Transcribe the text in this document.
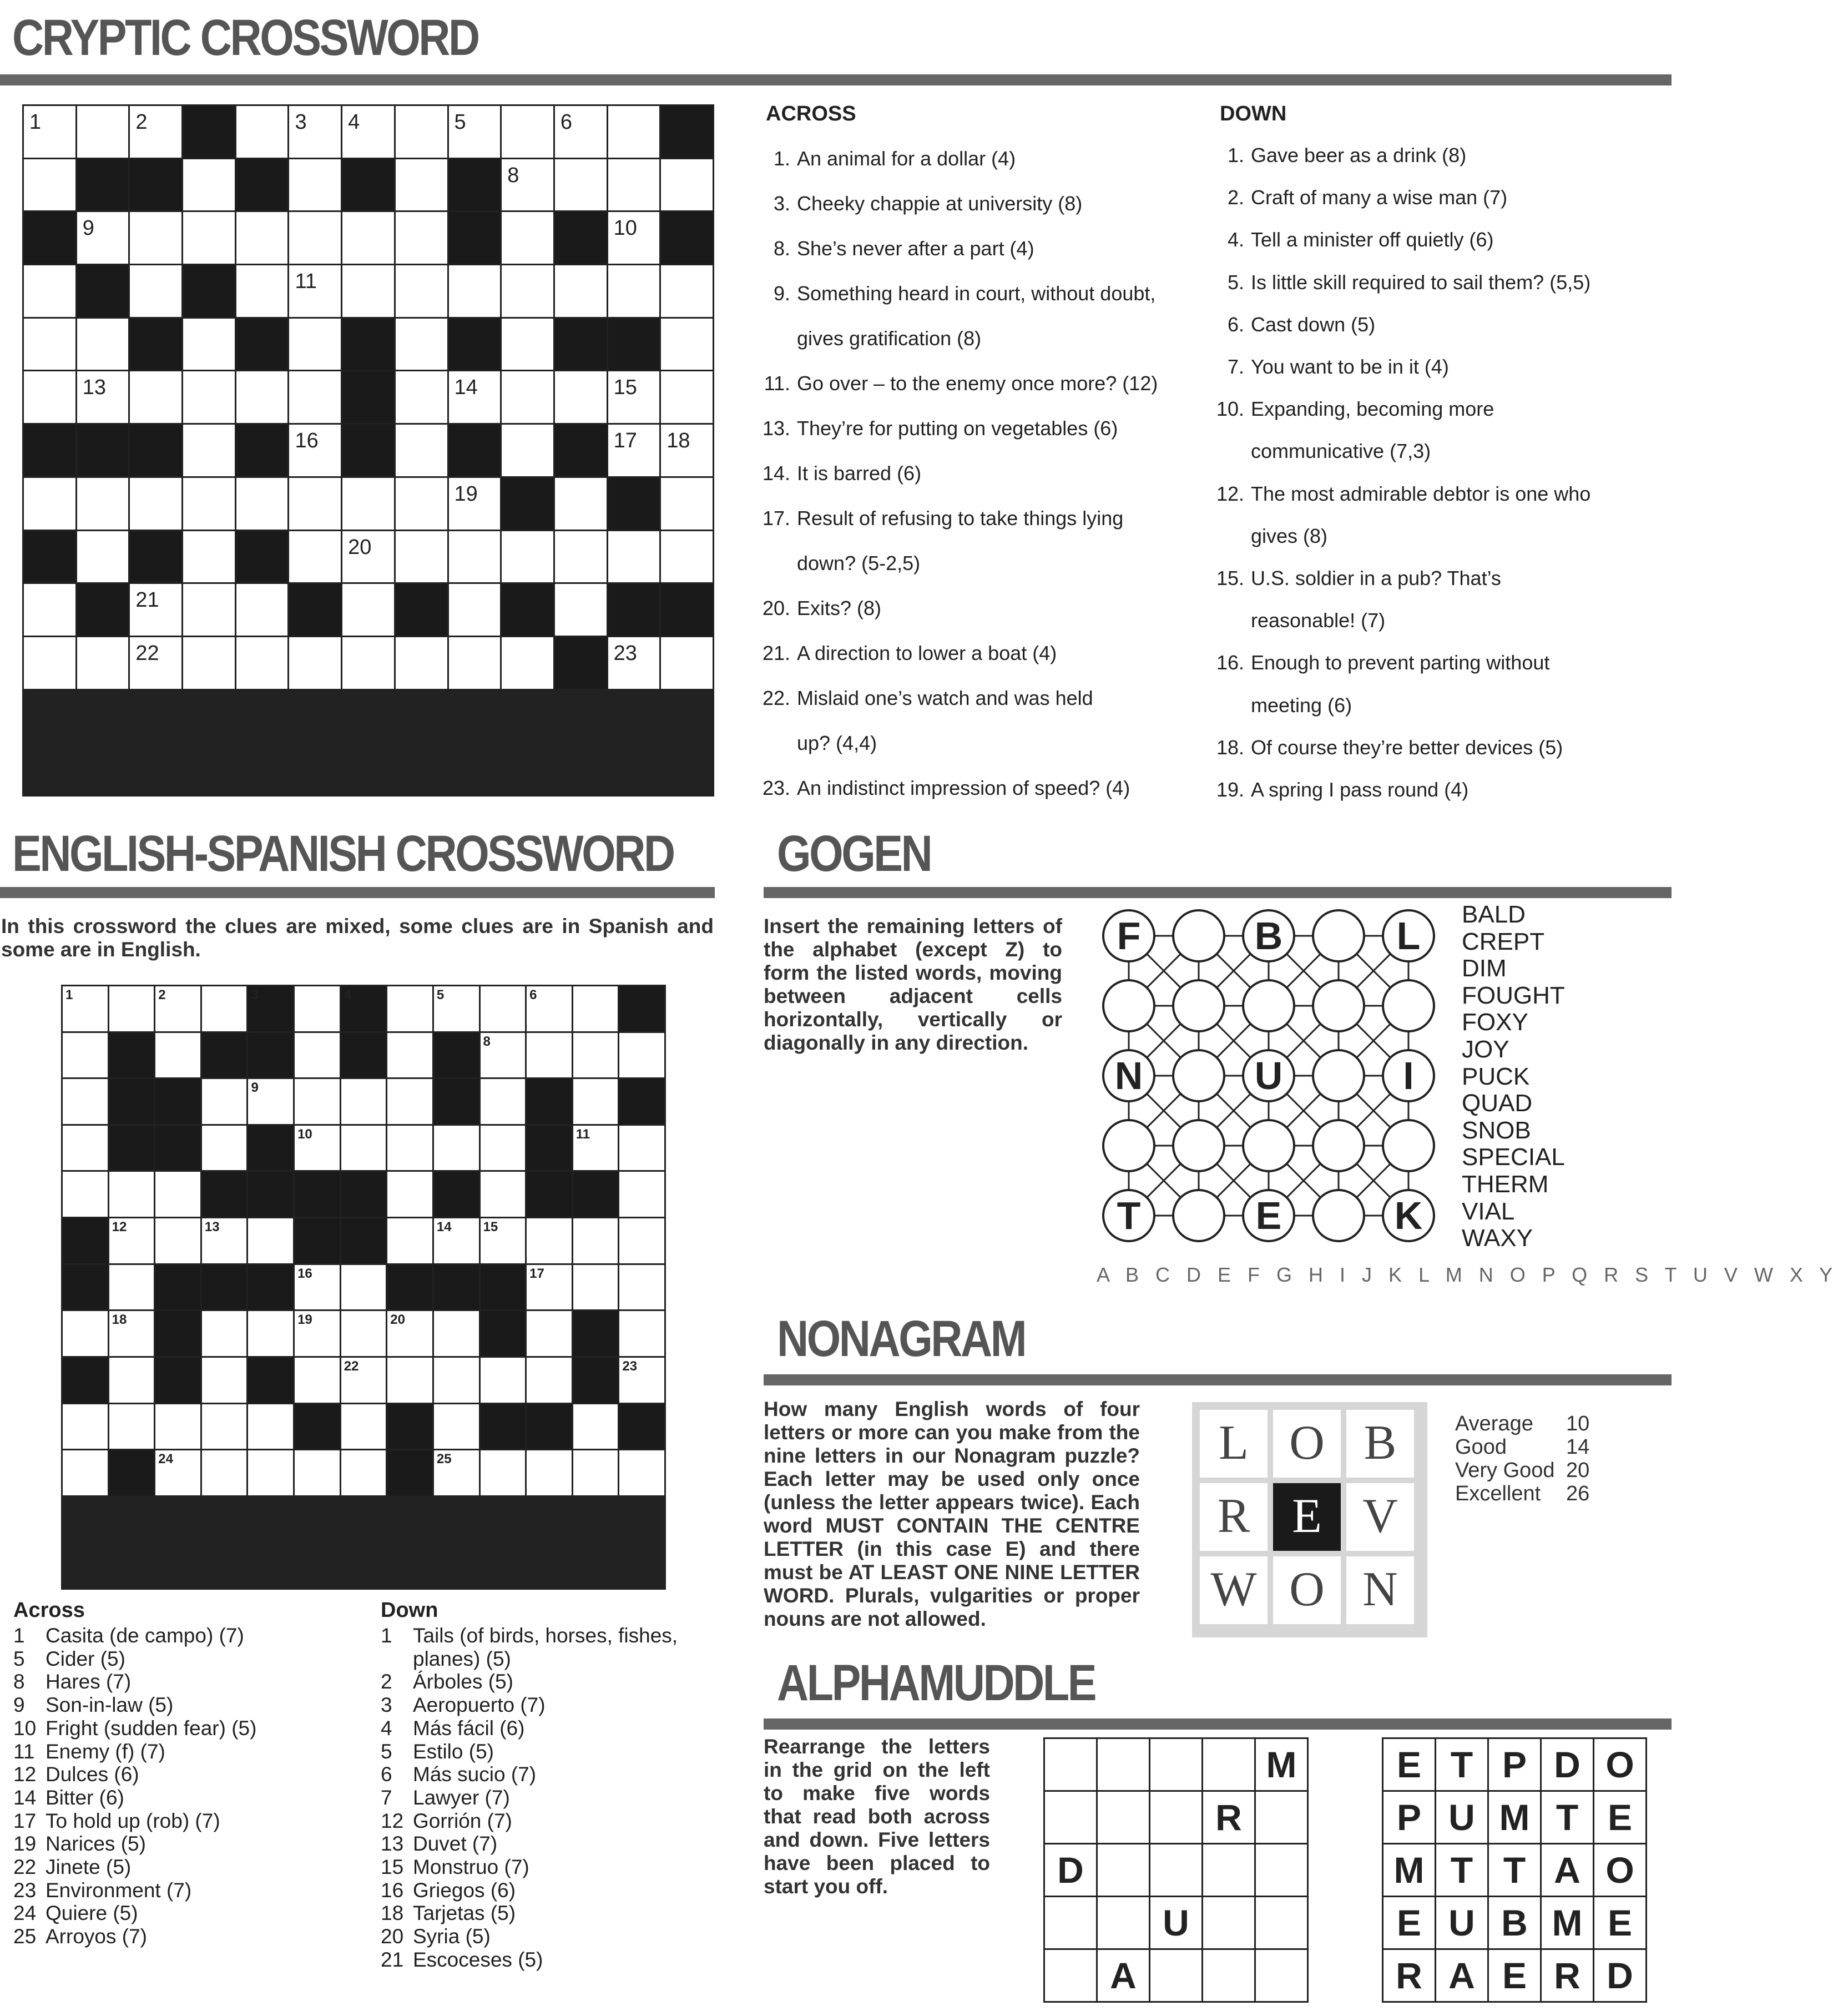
CRYPTIC CROSSWORD
1	2	3 4	5	6
8
9	10
11
13	14	15
16	17 18
19
20
21
22	23
ACROSS
1. An animal for a dollar (4)
3. Cheeky chappie at university (8)
8. She’s never after a part (4)
9. Something heard in court, without doubt,
gives gratification (8)
11. Go over – to the enemy once more? (12)
13. They’re for putting on vegetables (6)
14. It is barred (6)
17. Result of refusing to take things lying
down? (5-2,5)
20. Exits? (8)
21. A direction to lower a boat (4)
22. Mislaid one’s watch and was held
up? (4,4)
23. An indistinct impression of speed? (4)
DOWN
1. Gave beer as a drink (8)
2. Craft of many a wise man (7)
4. Tell a minister off quietly (6)
5. Is little skill required to sail them? (5,5)
6. Cast down (5)
7. You want to be in it (4)
10. Expanding, becoming more
communicative (7,3)
12. The most admirable debtor is one who
gives (8)
15. U.S. soldier in a pub? That’s
reasonable! (7)
16. Enough to prevent parting without
meeting (6)
18. Of course they’re better devices (5)
19. A spring I pass round (4)
ENGLISH-SPANISH CROSSWORD
In this crossword the clues are mixed, some clues are in Spanish and some are in English.
1	2	3	4	5	6
8
9
10	11
12	13	14 15
16	17
18	19	20
22	23
24	25
Across
1 Casita (de campo) (7)
5 Cider (5)
8 Hares (7)
9 Son-in-law (5)
10 Fright (sudden fear) (5)
11 Enemy (f) (7)
12 Dulces (6)
14 Bitter (6)
17 To hold up (rob) (7)
19 Narices (5)
22 Jinete (5)
23 Environment (7)
24 Quiere (5)
25 Arroyos (7)
Down
1 Tails (of birds, horses, fishes,
planes) (5)
2 Árboles (5)
3 Aeropuerto (7)
4 Más fácil (6)
5 Estilo (5)
6 Más sucio (7)
7 Lawyer (7)
12 Gorrión (7)
13 Duvet (7)
15 Monstruo (7)
16 Griegos (6)
18 Tarjetas (5)
20 Syria (5)
21 Escoceses (5)
GOGEN
Insert the remaining letters of the alphabet (except Z) to form the listed words, moving between adjacent cells horizontally, vertically or diagonally in any direction.
F	B	L
N	U	I
T	E	K
BALD
CREPT
DIM
FOUGHT
FOXY
JOY
PUCK
QUAD
SNOB
SPECIAL
THERM
VIAL
WAXY
A B C D E F G H I J K L M N O P Q R S T U V W X Y
NONAGRAM
How many English words of four letters or more can you make from the nine letters in our Nonagram puzzle? Each letter may be used only once (unless the letter appears twice). Each word MUST CONTAIN THE CENTRE LETTER (in this case E) and there must be AT LEAST ONE NINE LETTER WORD. Plurals, vulgarities or proper nouns are not allowed.
L O B
R E V
W O N
Average 10
Good	14
Very Good 20
Excellent 26
ALPHAMUDDLE
Rearrange the letters in the grid on the left to make five words that read both across and down. Five letters have been placed to start you off.
M
R
D
U
A
E T P D O
P U M T E
M T T A O
E U B M E
R A E R D
